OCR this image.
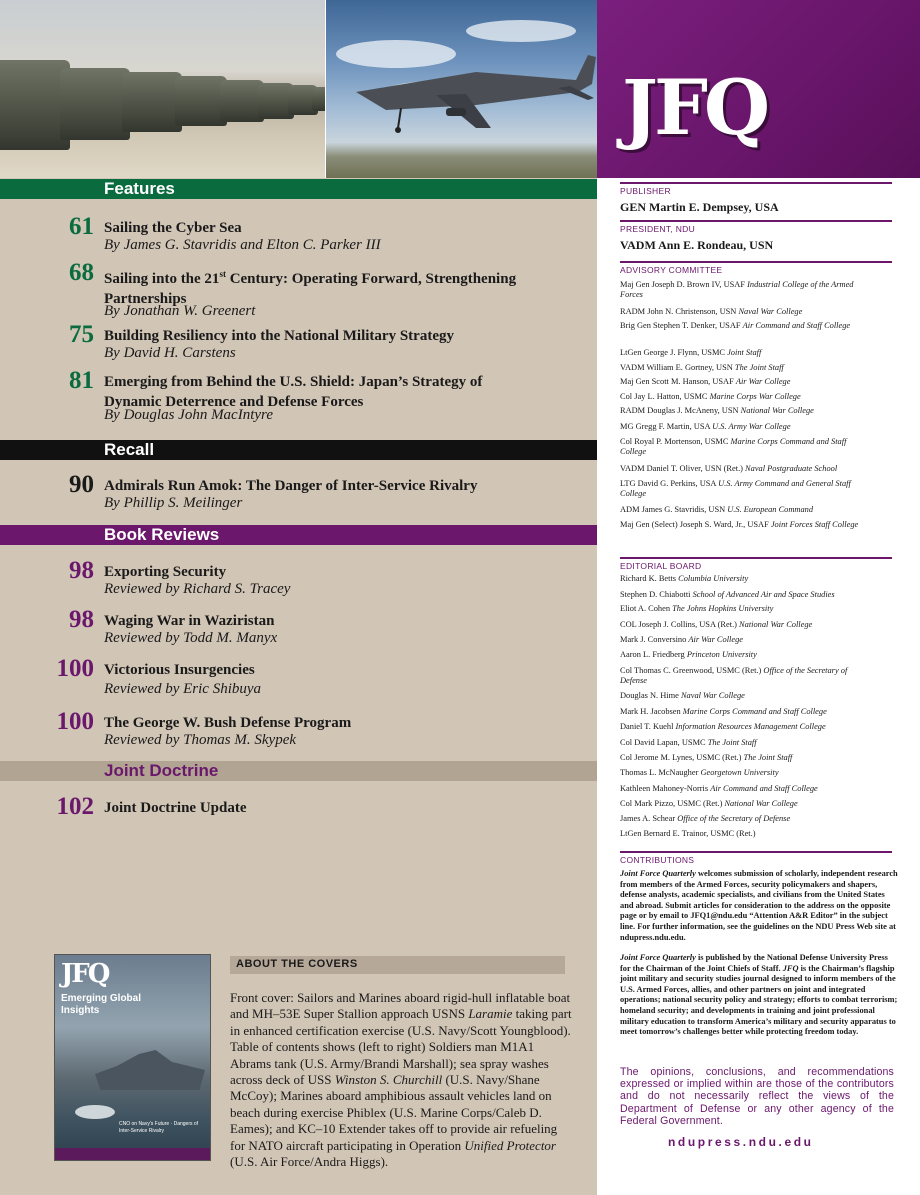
JFQ
Features
61 Sailing the Cyber Sea
By James G. Stavridis and Elton C. Parker III
68 Sailing into the 21st Century: Operating Forward, Strengthening Partnerships
By Jonathan W. Greenert
75 Building Resiliency into the National Military Strategy
By David H. Carstens
81 Emerging from Behind the U.S. Shield: Japan’s Strategy of Dynamic Deterrence and Defense Forces
By Douglas John MacIntyre
Recall
90 Admirals Run Amok: The Danger of Inter-Service Rivalry
By Phillip S. Meilinger
Book Reviews
98 Exporting Security
Reviewed by Richard S. Tracey
98 Waging War in Waziristan
Reviewed by Todd M. Manyx
100 Victorious Insurgencies
Reviewed by Eric Shibuya
100 The George W. Bush Defense Program
Reviewed by Thomas M. Skypek
Joint Doctrine
102 Joint Doctrine Update
JFQ
Emerging Global Insights
CNO on Navy's Future · Dangers of Inter-Service Rivalry
ABOUT THE COVERS
Front cover: Sailors and Marines aboard rigid-hull inflatable boat and MH–53E Super Stallion approach USNS Laramie taking part in enhanced certification exercise (U.S. Navy/Scott Youngblood). Table of contents shows (left to right) Soldiers man M1A1 Abrams tank (U.S. Army/Brandi Marshall); sea spray washes across deck of USS Winston S. Churchill (U.S. Navy/Shane McCoy); Marines aboard amphibious assault vehicles land on beach during exercise Phiblex (U.S. Marine Corps/Caleb D. Eames); and KC–10 Extender takes off to provide air refueling for NATO aircraft participating in Operation Unified Protector (U.S. Air Force/Andra Higgs).
PUBLISHER
GEN Martin E. Dempsey, USA
PRESIDENT, NDU
VADM Ann E. Rondeau, USN
ADVISORY COMMITTEE
Maj Gen Joseph D. Brown IV, USAF Industrial College of the Armed Forces
RADM John N. Christenson, USN Naval War College
Brig Gen Stephen T. Denker, USAF Air Command and Staff College
LtGen George J. Flynn, USMC Joint Staff
VADM William E. Gortney, USN The Joint Staff
Maj Gen Scott M. Hanson, USAF Air War College
Col Jay L. Hatton, USMC Marine Corps War College
RADM Douglas J. McAneny, USN National War College
MG Gregg F. Martin, USA U.S. Army War College
Col Royal P. Mortenson, USMC Marine Corps Command and Staff College
VADM Daniel T. Oliver, USN (Ret.) Naval Postgraduate School
LTG David G. Perkins, USA U.S. Army Command and General Staff College
ADM James G. Stavridis, USN U.S. European Command
Maj Gen (Select) Joseph S. Ward, Jr., USAF Joint Forces Staff College
EDITORIAL BOARD
Richard K. Betts Columbia University
Stephen D. Chiabotti School of Advanced Air and Space Studies
Eliot A. Cohen The Johns Hopkins University
COL Joseph J. Collins, USA (Ret.) National War College
Mark J. Conversino Air War College
Aaron L. Friedberg Princeton University
Col Thomas C. Greenwood, USMC (Ret.) Office of the Secretary of Defense
Douglas N. Hime Naval War College
Mark H. Jacobsen Marine Corps Command and Staff College
Daniel T. Kuehl Information Resources Management College
Col David Lapan, USMC The Joint Staff
Col Jerome M. Lynes, USMC (Ret.) The Joint Staff
Thomas L. McNaugher Georgetown University
Kathleen Mahoney-Norris Air Command and Staff College
Col Mark Pizzo, USMC (Ret.) National War College
James A. Schear Office of the Secretary of Defense
LtGen Bernard E. Trainor, USMC (Ret.)
CONTRIBUTIONS
Joint Force Quarterly welcomes submission of scholarly, independent research from members of the Armed Forces, security policymakers and shapers, defense analysts, academic specialists, and civilians from the United States and abroad. Submit articles for consideration to the address on the opposite page or by email to JFQ1@ndu.edu “Attention A&R Editor” in the subject line. For further information, see the guidelines on the NDU Press Web site at ndupress.ndu.edu.
Joint Force Quarterly is published by the National Defense University Press for the Chairman of the Joint Chiefs of Staff. JFQ is the Chairman’s flagship joint military and security studies journal designed to inform members of the U.S. Armed Forces, allies, and other partners on joint and integrated operations; national security policy and strategy; efforts to combat terrorism; homeland security; and developments in training and joint professional military education to transform America’s military and security apparatus to meet tomorrow’s challenges better while protecting freedom today.
The opinions, conclusions, and recommendations expressed or implied within are those of the contributors and do not necessarily reflect the views of the Department of Defense or any other agency of the Federal Government.
ndupress.ndu.edu
